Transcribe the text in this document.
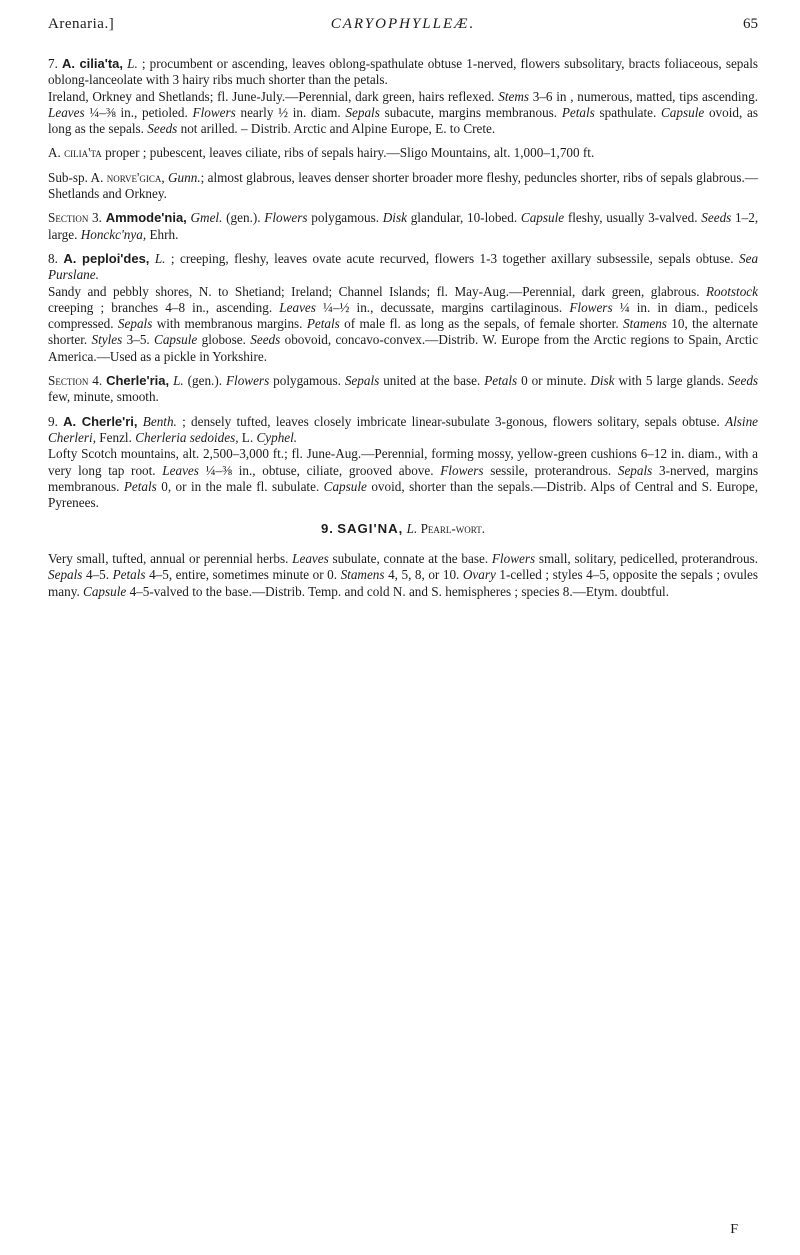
Arenaria.]	CARYOPHYLLEÆ.	65

7. A. cilia'ta, L. ; procumbent or ascending, leaves oblong-spathulate obtuse 1-nerved, flowers subsolitary, bracts foliaceous, sepals oblong-lanceolate with 3 hairy ribs much shorter than the petals.
Ireland, Orkney and Shetlands; fl. June-July.—Perennial, dark green, hairs reflexed. Stems 3–6 in , numerous, matted, tips ascending. Leaves ¼–⅜ in., petioled. Flowers nearly ½ in. diam. Sepals subacute, margins membranous. Petals spathulate. Capsule ovoid, as long as the sepals. Seeds not arilled. – Distrib. Arctic and Alpine Europe, E. to Crete.

A. cilia'ta proper ; pubescent, leaves ciliate, ribs of sepals hairy.—Sligo Mountains, alt. 1,000–1,700 ft.

Sub-sp. A. norve'gica, Gunn.; almost glabrous, leaves denser shorter broader more fleshy, peduncles shorter, ribs of sepals glabrous.—Shetlands and Orkney.

Section 3. Ammode'nia, Gmel. (gen.). Flowers polygamous. Disk glandular, 10-lobed. Capsule fleshy, usually 3-valved. Seeds 1–2, large. Honckc'nya, Ehrh.

8. A. peploi'des, L. ; creeping, fleshy, leaves ovate acute recurved, flowers 1-3 together axillary subsessile, sepals obtuse. Sea Purslane.
Sandy and pebbly shores, N. to Shetiand; Ireland; Channel Islands; fl. May-Aug.—Perennial, dark green, glabrous. Rootstock creeping ; branches 4–8 in., ascending. Leaves ¼–½ in., decussate, margins cartilaginous. Flowers ¼ in. in diam., pedicels compressed. Sepals with membranous margins. Petals of male fl. as long as the sepals, of female shorter. Stamens 10, the alternate shorter. Styles 3–5. Capsule globose. Seeds obovoid, concavo-convex.—Distrib. W. Europe from the Arctic regions to Spain, Arctic America.—Used as a pickle in Yorkshire.

Section 4. Cherle'ria, L. (gen.). Flowers polygamous. Sepals united at the base. Petals 0 or minute. Disk with 5 large glands. Seeds few, minute, smooth.

9. A. Cherle'ri, Benth. ; densely tufted, leaves closely imbricate linear-subulate 3-gonous, flowers solitary, sepals obtuse. Alsine Cherleri, Fenzl. Cherleria sedoides, L. Cyphel.
Lofty Scotch mountains, alt. 2,500–3,000 ft.; fl. June-Aug.—Perennial, forming mossy, yellow-green cushions 6–12 in. diam., with a very long tap root. Leaves ¼–⅜ in., obtuse, ciliate, grooved above. Flowers sessile, proterandrous. Sepals 3-nerved, margins membranous. Petals 0, or in the male fl. subulate. Capsule ovoid, shorter than the sepals.—Distrib. Alps of Central and S. Europe, Pyrenees.

9. SAGI'NA, L. Pearl-wort.

Very small, tufted, annual or perennial herbs. Leaves subulate, connate at the base. Flowers small, solitary, pedicelled, proterandrous. Sepals 4–5. Petals 4–5, entire, sometimes minute or 0. Stamens 4, 5, 8, or 10. Ovary 1-celled ; styles 4–5, opposite the sepals ; ovules many. Capsule 4–5-valved to the base.—Distrib. Temp. and cold N. and S. hemispheres ; species 8.—Etym. doubtful.

F
